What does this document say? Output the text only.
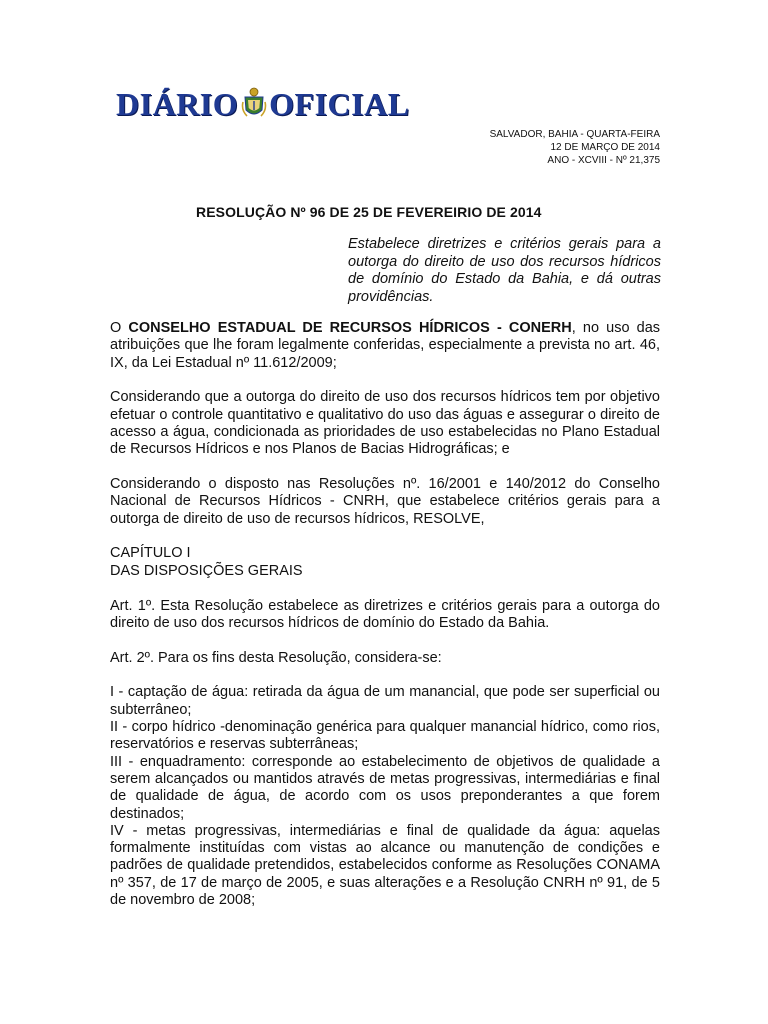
DIÁRIO OFICIAL
SALVADOR, BAHIA - QUARTA-FEIRA
12 DE MARÇO DE 2014
ANO - XCVIII - Nº 21,375
RESOLUÇÃO Nº 96 DE 25 DE FEVEREIRIO DE 2014
Estabelece diretrizes e critérios gerais para a outorga do direito de uso dos recursos hídricos de domínio do Estado da Bahia, e dá outras providências.

O CONSELHO ESTADUAL DE RECURSOS HÍDRICOS - CONERH, no uso das atribuições que lhe foram legalmente conferidas, especialmente a prevista no art. 46, IX, da Lei Estadual nº 11.612/2009;

Considerando que a outorga do direito de uso dos recursos hídricos tem por objetivo efetuar o controle quantitativo e qualitativo do uso das águas e assegurar o direito de acesso a água, condicionada as prioridades de uso estabelecidas no Plano Estadual de Recursos Hídricos e nos Planos de Bacias Hidrográficas; e

Considerando o disposto nas Resoluções nº. 16/2001 e 140/2012 do Conselho Nacional de Recursos Hídricos - CNRH, que estabelece critérios gerais para a outorga de direito de uso de recursos hídricos, RESOLVE,

CAPÍTULO I
DAS DISPOSIÇÕES GERAIS

Art. 1º. Esta Resolução estabelece as diretrizes e critérios gerais para a outorga do direito de uso dos recursos hídricos de domínio do Estado da Bahia.

Art. 2º. Para os fins desta Resolução, considera-se:

I - captação de água: retirada da água de um manancial, que pode ser superficial ou subterrâneo;

II - corpo hídrico -denominação genérica para qualquer manancial hídrico, como rios, reservatórios e reservas subterrâneas;

III - enquadramento: corresponde ao estabelecimento de objetivos de qualidade a serem alcançados ou mantidos através de metas progressivas, intermediárias e final de qualidade de água, de acordo com os usos preponderantes a que forem destinados;

IV - metas progressivas, intermediárias e final de qualidade da água: aquelas formalmente instituídas com vistas ao alcance ou manutenção de condições e padrões de qualidade pretendidos, estabelecidos conforme as Resoluções CONAMA nº 357, de 17 de março de 2005, e suas alterações e a Resolução CNRH nº 91, de 5 de novembro de 2008;
